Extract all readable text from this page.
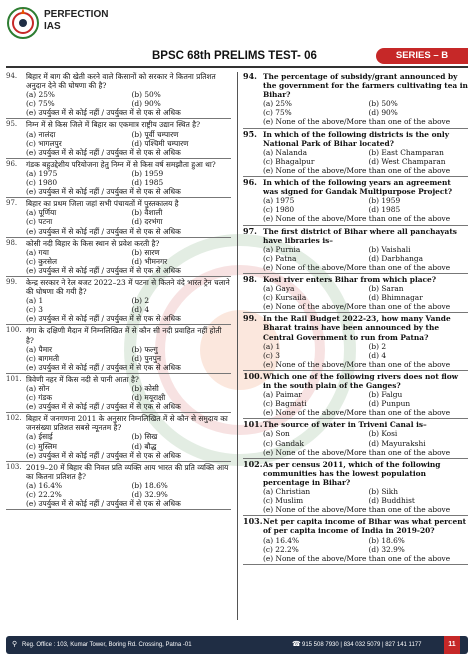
PERFECTION
IAS
BPSC 68th PRELIMS TEST- 06	SERIES – B
94. बिहार में बाग की खेती करने वाले किसानों को सरकार ने कितना प्रतिशत अनुदान देने की घोषणा की है?
(a) 25%	(b) 50%
(c) 75%	(d) 90%
(e) उपर्युक्त में से कोई नहीं / उपर्युक्त में से एक से अधिक
95. निम्न में से किस जिले में बिहार का एकमात्र राष्ट्रीय उद्यान स्थित है?
(a) नालंदा	(b) पूर्वी चम्पारण
(c) भागलपुर	(d) पश्चिमी चम्पारण
(e) उपर्युक्त में से कोई नहीं / उपर्युक्त में से एक से अधिक
96. गंडक बहुउद्देशीय परियोजना हेतु निम्न में से किस वर्ष समझौता हुआ था?
(a) 1975	(b) 1959
(c) 1980	(d) 1985
(e) उपर्युक्त में से कोई नहीं / उपर्युक्त में से एक से अधिक
97. बिहार का प्रथम जिला जहां सभी पंचायतों में पुस्तकालय है
(a) पूर्णिया	(b) वैशाली
(c) पटना	(d) दरभंगा
(e) उपर्युक्त में से कोई नहीं / उपर्युक्त में से एक से अधिक
98. कोसी नदी बिहार के किस स्थान से प्रवेश करती है?
(a) गया	(b) सारण
(c) कुरसेल	(d) भीमनगर
(e) उपर्युक्त में से कोई नहीं / उपर्युक्त में से एक से अधिक
99. केन्द्र सरकार ने रेल बजट 2022–23 में पटना से कितने वंदे भारत ट्रेन चलाने की घोषणा की गयी है?
(a) 1	(b) 2
(c) 3	(d) 4
(e) उपर्युक्त में से कोई नहीं / उपर्युक्त में से एक से अधिक
100. गंगा के दक्षिणी मैदान में निम्नलिखित में से कौन सी नदी प्रवाहित नहीं होती है?
(a) पैमार	(b) फल्गु
(c) बागमती	(d) पुनपुन
(e) उपर्युक्त में से कोई नहीं / उपर्युक्त में से एक से अधिक
101. त्रिवेणी नहर में किस नदी से पानी आता है?
(a) सोन	(b) कोसी
(c) गंडक	(d) मयूराक्षी
(e) उपर्युक्त में से कोई नहीं / उपर्युक्त में से एक से अधिक
102. बिहार में जनगणना 2011 के अनुसार निम्नलिखित में से कौन से समुदाय का जनसंख्या प्रतिशत सबसे न्यूनतम है?
(a) ईसाई	(b) सिख
(c) मुस्लिम	(d) बौद्ध
(e) उपर्युक्त में से कोई नहीं / उपर्युक्त में से एक से अधिक
103. 2019–20 में बिहार की निवल प्रति व्यक्ति आय भारत की प्रति व्यक्ति आय का कितना प्रतिशत है?
(a) 16.4%	(b) 18.6%
(c) 22.2%	(d) 32.9%
(e) उपर्युक्त में से कोई नहीं / उपर्युक्त में से एक से अधिक
94. The percentage of subsidy/grant announced by the government for the farmers cultivating tea in Bihar?
(a) 25%	(b) 50%
(c) 75%	(d) 90%
(e) None of the above/More than one of the above
95. In which of the following districts is the only National Park of Bihar located?
(a) Nalanda	(b) East Champaran
(c) Bhagalpur	(d) West Champaran
(e) None of the above/More than one of the above
96. In which of the following years an agreement was signed for Gandak Multipurpose Project?
(a) 1975	(b) 1959
(c) 1980	(d) 1985
(e) None of the above/More than one of the above
97. The first district of Bihar where all panchayats have libraries is–
(a) Purnia	(b) Vaishali
(c) Patna	(d) Darbhanga
(e) None of the above/More than one of the above
98. Kosi river enters Bihar from which place?
(a) Gaya	(b) Saran
(c) Kursaila	(d) Bhimnagar
(e) None of the above/More than one of the above
99. In the Rail Budget 2022-23, how many Vande Bharat trains have been announced by the Central Government to run from Patna?
(a) 1	(b) 2
(c) 3	(d) 4
(e) None of the above/More than one of the above
100. Which one of the following rivers does not flow in the south plain of the Ganges?
(a) Paimar	(b) Falgu
(c) Bagmati	(d) Punpun
(e) None of the above/More than one of the above
101. The source of water in Triveni Canal is–
(a) Son	(b) Kosi
(c) Gandak	(d) Mayurakshi
(e) None of the above/More than one of the above
102. As per census 2011, which of the following communities has the lowest population percentage in Bihar?
(a) Christian	(b) Sikh
(c) Muslim	(d) Buddhist
(e) None of the above/More than one of the above
103. Net per capita income of Bihar was what percent of per capita income of India in 2019-20?
(a) 16.4%	(b) 18.6%
(c) 22.2%	(d) 32.9%
(e) None of the above/More than one of the above
⚲ Reg. Office : 103, Kumar Tower, Boring Rd. Crossing, Patna -01	☎ 915 508 7930 | 834 032 5079 | 827 141 1177	11
